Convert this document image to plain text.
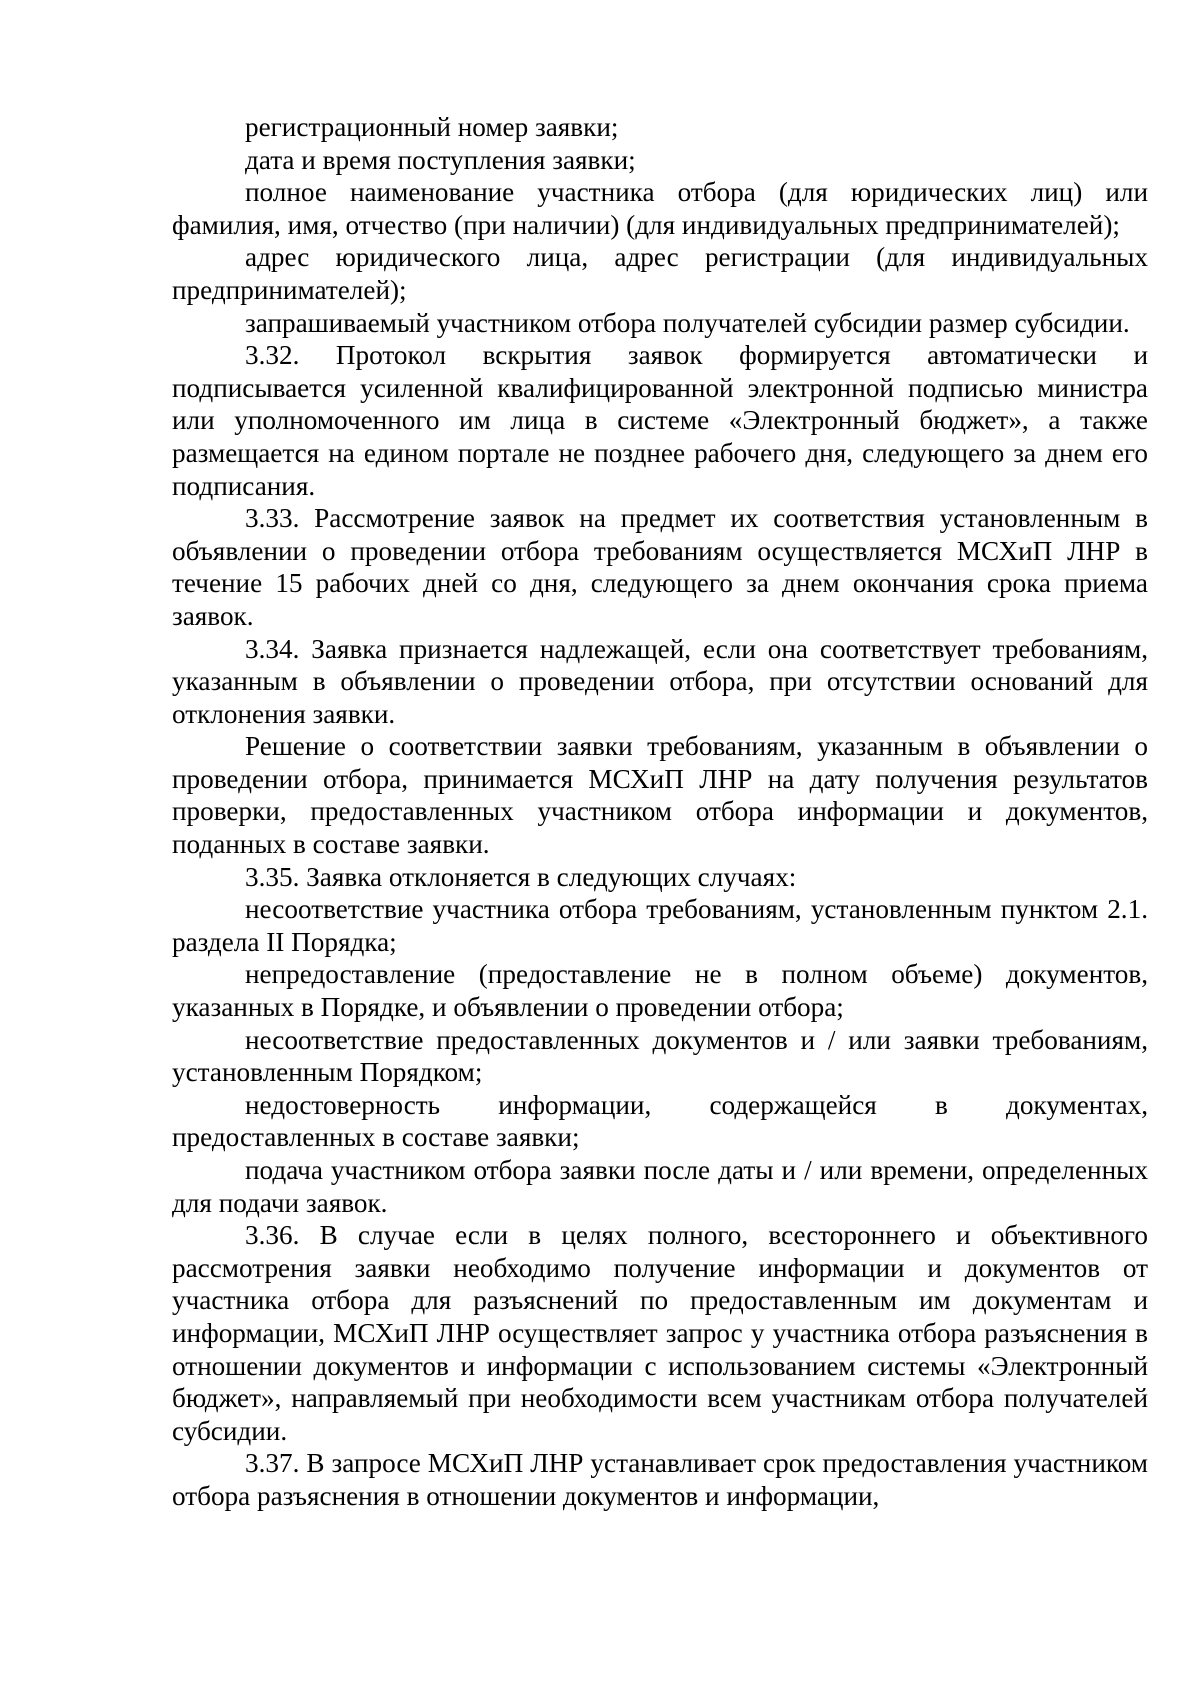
регистрационный номер заявки;

дата и время поступления заявки;

полное наименование участника отбора (для юридических лиц) или фамилия, имя, отчество (при наличии) (для индивидуальных предпринимателей);

адрес юридического лица, адрес регистрации (для индивидуальных предпринимателей);

запрашиваемый участником отбора получателей субсидии размер субсидии.

3.32. Протокол вскрытия заявок формируется автоматически и подписывается усиленной квалифицированной электронной подписью министра или уполномоченного им лица в системе «Электронный бюджет», а также размещается на едином портале не позднее рабочего дня, следующего за днем его подписания.

3.33. Рассмотрение заявок на предмет их соответствия установленным в объявлении о проведении отбора требованиям осуществляется МСХиП ЛНР в течение 15 рабочих дней со дня, следующего за днем окончания срока приема заявок.

3.34. Заявка признается надлежащей, если она соответствует требованиям, указанным в объявлении о проведении отбора, при отсутствии оснований для отклонения заявки.

Решение о соответствии заявки требованиям, указанным в объявлении о проведении отбора, принимается МСХиП ЛНР на дату получения результатов проверки, предоставленных участником отбора информации и документов, поданных в составе заявки.

3.35. Заявка отклоняется в следующих случаях:

несоответствие участника отбора требованиям, установленным пунктом 2.1. раздела II Порядка;

непредоставление (предоставление не в полном объеме) документов, указанных в Порядке, и объявлении о проведении отбора;

несоответствие предоставленных документов и / или заявки требованиям, установленным Порядком;

недостоверность информации, содержащейся в документах, предоставленных в составе заявки;

подача участником отбора заявки после даты и / или времени, определенных для подачи заявок.

3.36. В случае если в целях полного, всестороннего и объективного рассмотрения заявки необходимо получение информации и документов от участника отбора для разъяснений по предоставленным им документам и информации, МСХиП ЛНР осуществляет запрос у участника отбора разъяснения в отношении документов и информации с использованием системы «Электронный бюджет», направляемый при необходимости всем участникам отбора получателей субсидии.

3.37. В запросе МСХиП ЛНР устанавливает срок предоставления участником отбора разъяснения в отношении документов и информации,
